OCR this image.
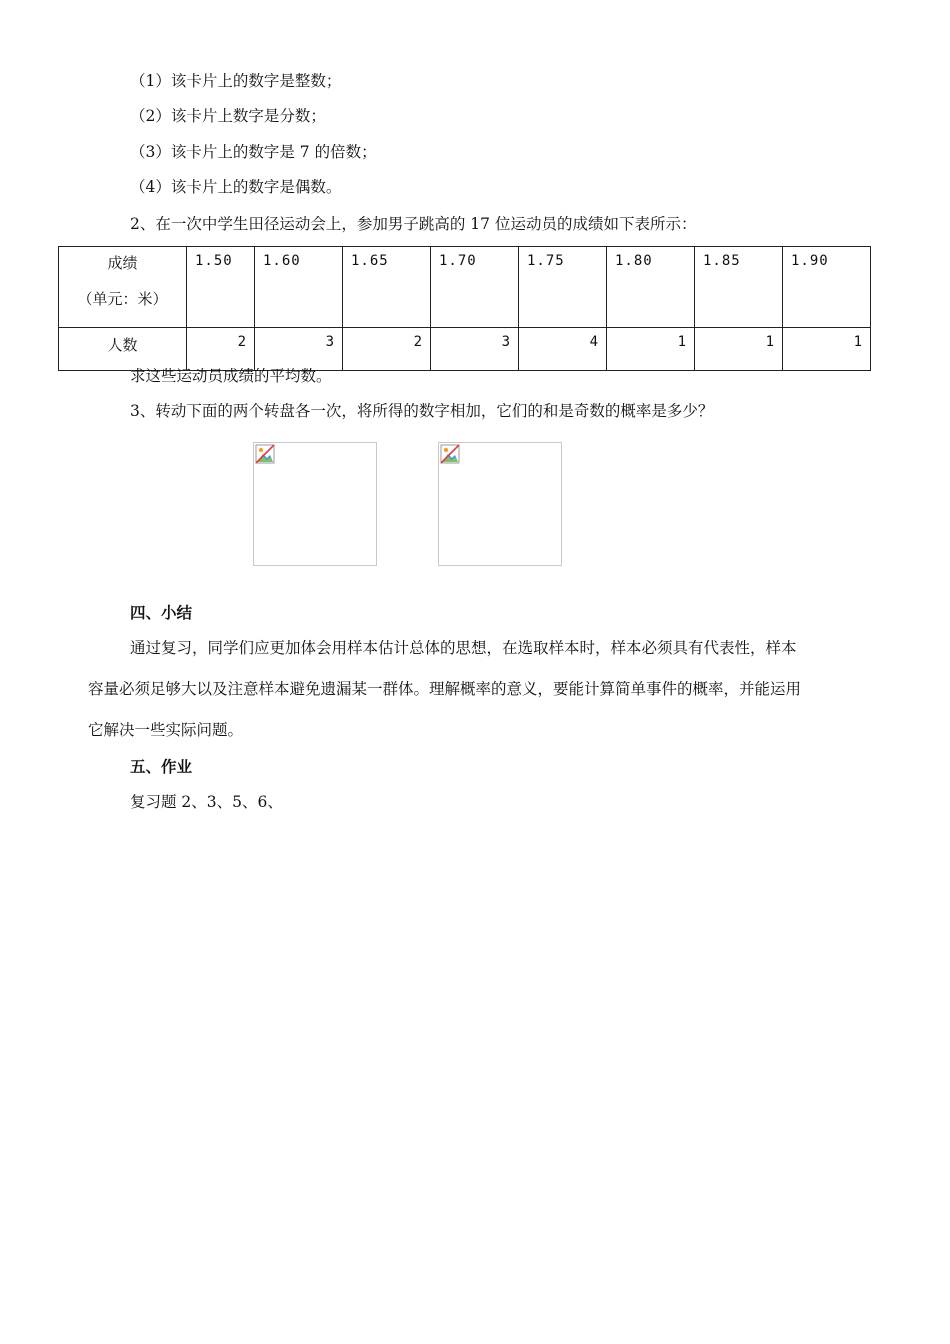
（1）该卡片上的数字是整数；
（2）该卡片上数字是分数；
（3）该卡片上的数字是 7 的倍数；
（4）该卡片上的数字是偶数。
2、在一次中学生田径运动会上，参加男子跳高的 17 位运动员的成绩如下表所示：
成绩
（单元：米）	1.50	1.60	1.65	1.70	1.75	1.80	1.85	1.90
人数	2	3	2	3	4	1	1	1
求这些运动员成绩的平均数。
3、转动下面的两个转盘各一次，将所得的数字相加，它们的和是奇数的概率是多少？
四、小结
通过复习，同学们应更加体会用样本估计总体的思想，在选取样本时，样本必须具有代表性，样本
容量必须足够大以及注意样本避免遗漏某一群体。理解概率的意义，要能计算简单事件的概率，并能运用
它解决一些实际问题。
五、作业
复习题 2、3、5、6、
